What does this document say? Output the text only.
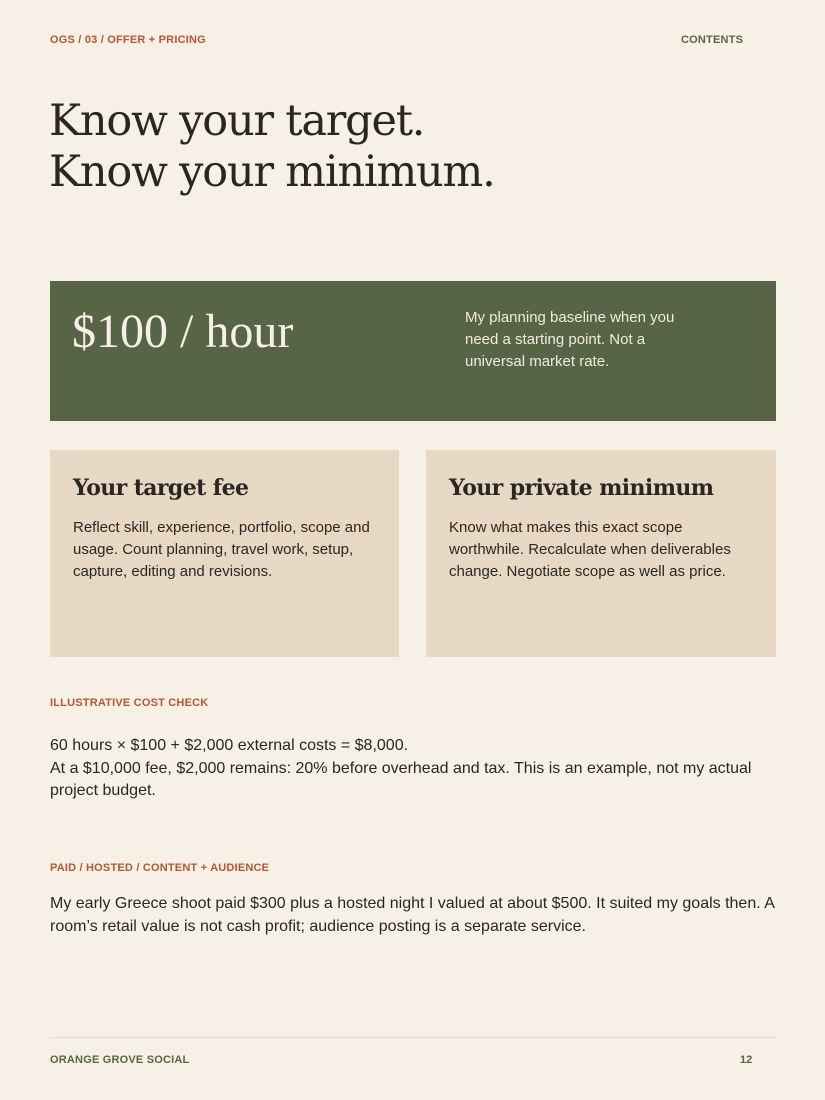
OGS / 03 / OFFER + PRICING	CONTENTS
Know your target.
Know your minimum.
$100 / hour	My planning baseline when you need a starting point. Not a universal market rate.
Your target fee

Reflect skill, experience, portfolio, scope and usage. Count planning, travel work, setup, capture, editing and revisions.

Your private minimum

Know what makes this exact scope worthwhile. Recalculate when deliverables change. Negotiate scope as well as price.

ILLUSTRATIVE COST CHECK
60 hours × $100 + $2,000 external costs = $8,000.
At a $10,000 fee, $2,000 remains: 20% before overhead and tax. This is an example, not my actual project budget.
PAID / HOSTED / CONTENT + AUDIENCE

My early Greece shoot paid $300 plus a hosted night I valued at about $500. It suited my goals then. A room’s retail value is not cash profit; audience posting is a separate service.

ORANGE GROVE SOCIAL	12
